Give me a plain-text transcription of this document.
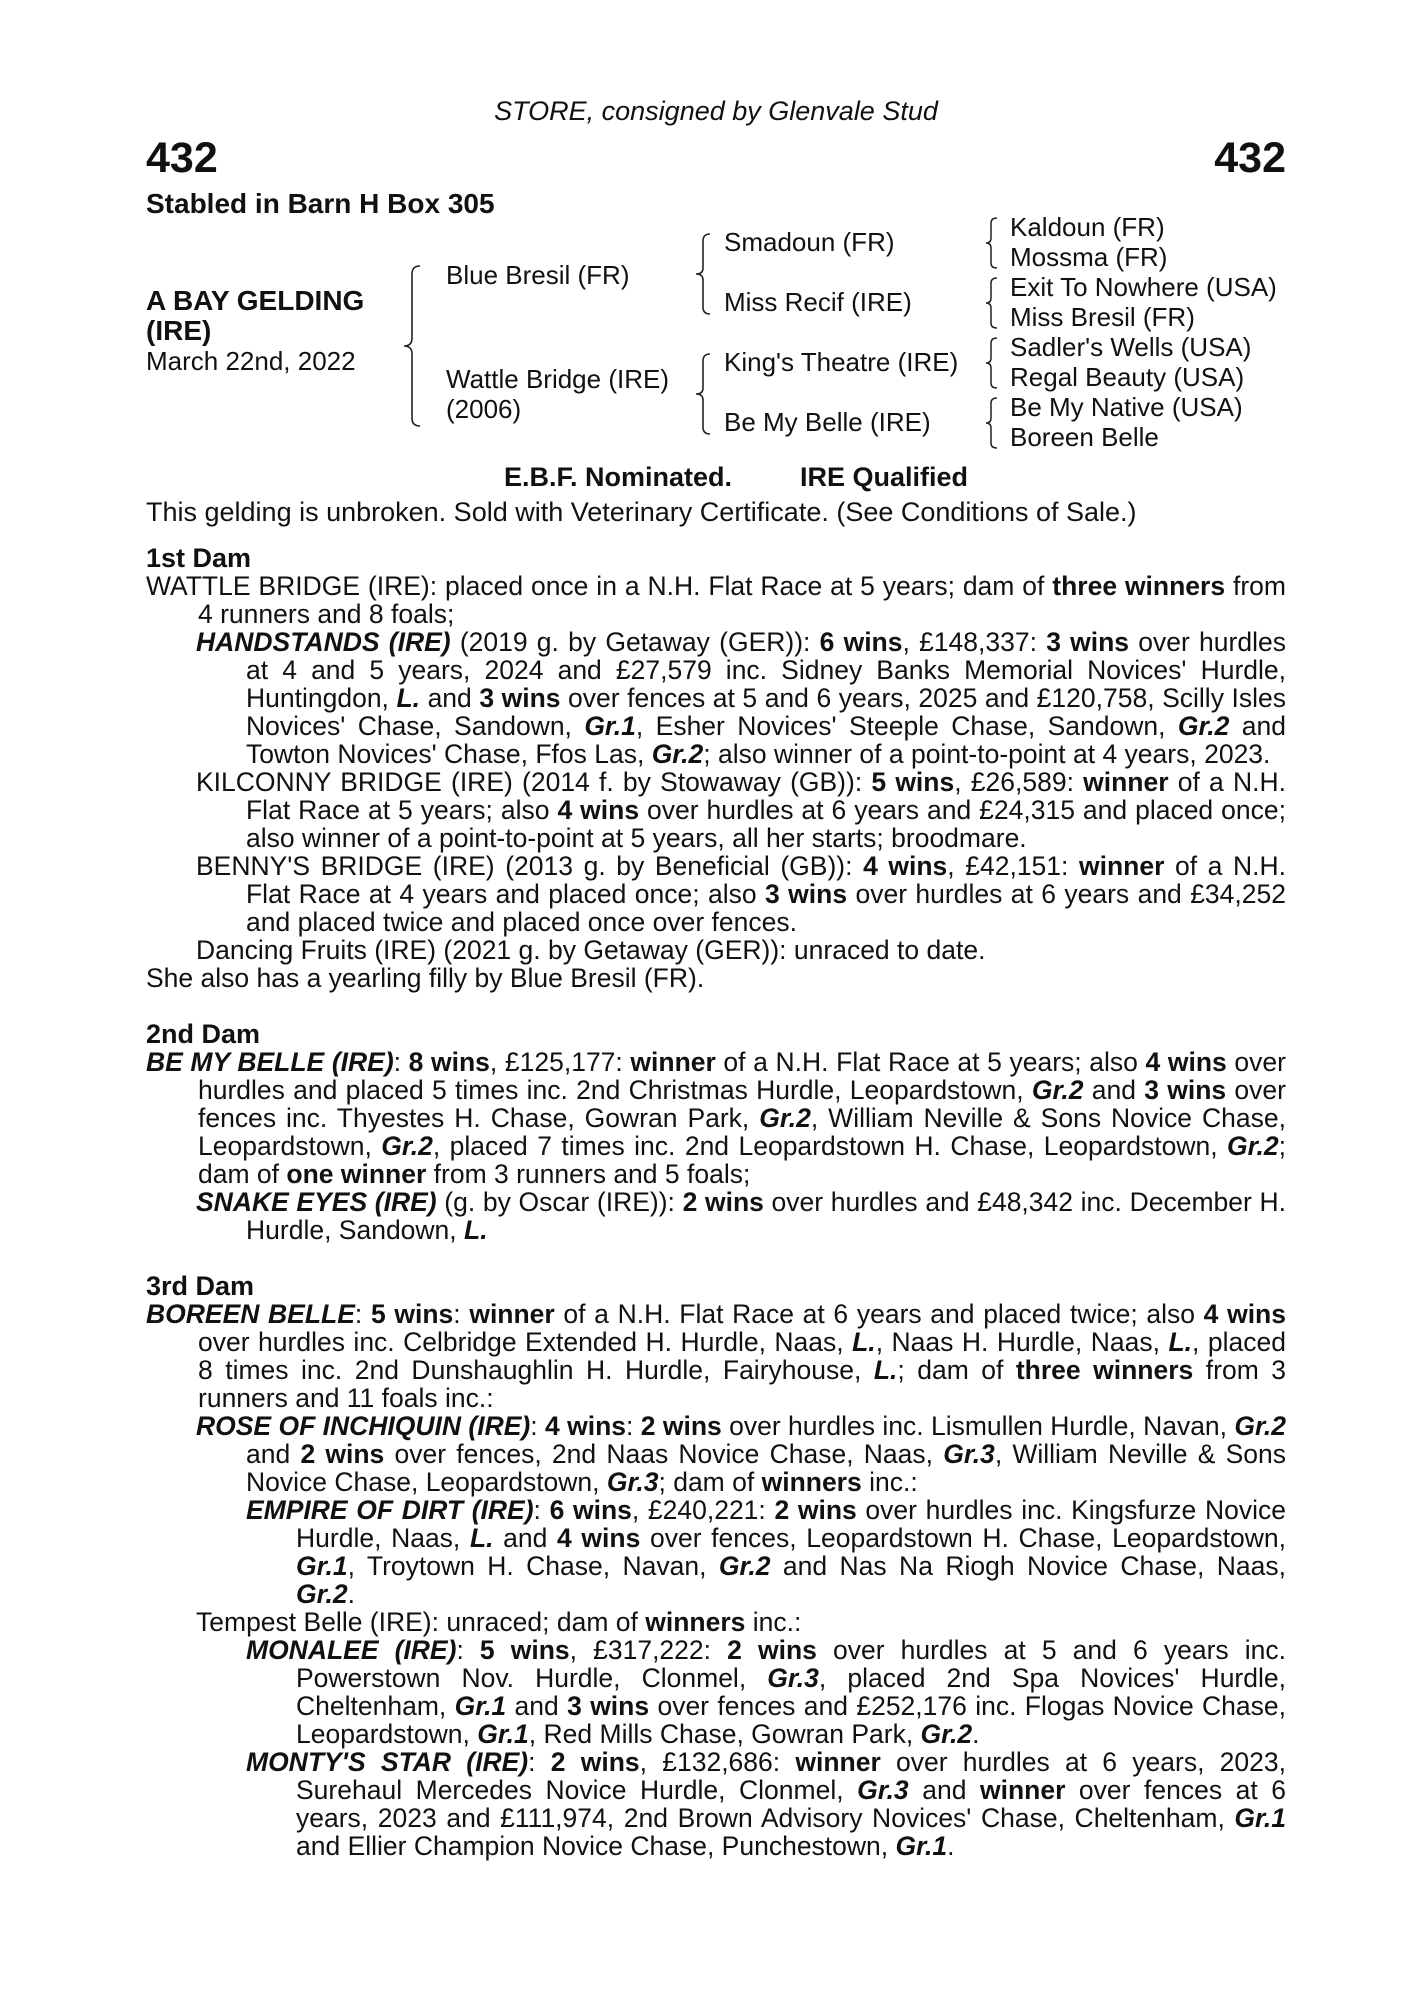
STORE, consigned by Glenvale Stud
432	432
Stabled in Barn H Box 305
A BAY GELDING
(IRE)
March 22nd, 2022
Blue Bresil (FR)
Wattle Bridge (IRE)
(2006)
Smadoun (FR)
Miss Recif (IRE)
King's Theatre (IRE)
Be My Belle (IRE)
Kaldoun (FR)
Mossma (FR)
Exit To Nowhere (USA)
Miss Bresil (FR)
Sadler's Wells (USA)
Regal Beauty (USA)
Be My Native (USA)
Boreen Belle
E.B.F. Nominated.	IRE Qualified
This gelding is unbroken. Sold with Veterinary Certificate. (See Conditions of Sale.)

1st Dam

WATTLE BRIDGE (IRE): placed once in a N.H. Flat Race at 5 years; dam of three winners from 4 runners and 8 foals;

HANDSTANDS (IRE) (2019 g. by Getaway (GER)): 6 wins, £148,337: 3 wins over hurdles at 4 and 5 years, 2024 and £27,579 inc. Sidney Banks Memorial Novices' Hurdle, Huntingdon, L. and 3 wins over fences at 5 and 6 years, 2025 and £120,758, Scilly Isles Novices' Chase, Sandown, Gr.1, Esher Novices' Steeple Chase, Sandown, Gr.2 and Towton Novices' Chase, Ffos Las, Gr.2; also winner of a point-to-point at 4 years, 2023.

KILCONNY BRIDGE (IRE) (2014 f. by Stowaway (GB)): 5 wins, £26,589: winner of a N.H. Flat Race at 5 years; also 4 wins over hurdles at 6 years and £24,315 and placed once; also winner of a point-to-point at 5 years, all her starts; broodmare.

BENNY'S BRIDGE (IRE) (2013 g. by Beneficial (GB)): 4 wins, £42,151: winner of a N.H. Flat Race at 4 years and placed once; also 3 wins over hurdles at 6 years and £34,252 and placed twice and placed once over fences.

Dancing Fruits (IRE) (2021 g. by Getaway (GER)): unraced to date.

She also has a yearling filly by Blue Bresil (FR).

2nd Dam

BE MY BELLE (IRE): 8 wins, £125,177: winner of a N.H. Flat Race at 5 years; also 4 wins over hurdles and placed 5 times inc. 2nd Christmas Hurdle, Leopardstown, Gr.2 and 3 wins over fences inc. Thyestes H. Chase, Gowran Park, Gr.2, William Neville & Sons Novice Chase, Leopardstown, Gr.2, placed 7 times inc. 2nd Leopardstown H. Chase, Leopardstown, Gr.2; dam of one winner from 3 runners and 5 foals;

SNAKE EYES (IRE) (g. by Oscar (IRE)): 2 wins over hurdles and £48,342 inc. December H. Hurdle, Sandown, L.

3rd Dam

BOREEN BELLE: 5 wins: winner of a N.H. Flat Race at 6 years and placed twice; also 4 wins over hurdles inc. Celbridge Extended H. Hurdle, Naas, L., Naas H. Hurdle, Naas, L., placed 8 times inc. 2nd Dunshaughlin H. Hurdle, Fairyhouse, L.; dam of three winners from 3 runners and 11 foals inc.:

ROSE OF INCHIQUIN (IRE): 4 wins: 2 wins over hurdles inc. Lismullen Hurdle, Navan, Gr.2 and 2 wins over fences, 2nd Naas Novice Chase, Naas, Gr.3, William Neville & Sons Novice Chase, Leopardstown, Gr.3; dam of winners inc.:

EMPIRE OF DIRT (IRE): 6 wins, £240,221: 2 wins over hurdles inc. Kingsfurze Novice Hurdle, Naas, L. and 4 wins over fences, Leopardstown H. Chase, Leopardstown, Gr.1, Troytown H. Chase, Navan, Gr.2 and Nas Na Riogh Novice Chase, Naas, Gr.2.

Tempest Belle (IRE): unraced; dam of winners inc.:

MONALEE (IRE): 5 wins, £317,222: 2 wins over hurdles at 5 and 6 years inc. Powerstown Nov. Hurdle, Clonmel, Gr.3, placed 2nd Spa Novices' Hurdle, Cheltenham, Gr.1 and 3 wins over fences and £252,176 inc. Flogas Novice Chase, Leopardstown, Gr.1, Red Mills Chase, Gowran Park, Gr.2.

MONTY'S STAR (IRE): 2 wins, £132,686: winner over hurdles at 6 years, 2023, Surehaul Mercedes Novice Hurdle, Clonmel, Gr.3 and winner over fences at 6 years, 2023 and £111,974, 2nd Brown Advisory Novices' Chase, Cheltenham, Gr.1 and Ellier Champion Novice Chase, Punchestown, Gr.1.
